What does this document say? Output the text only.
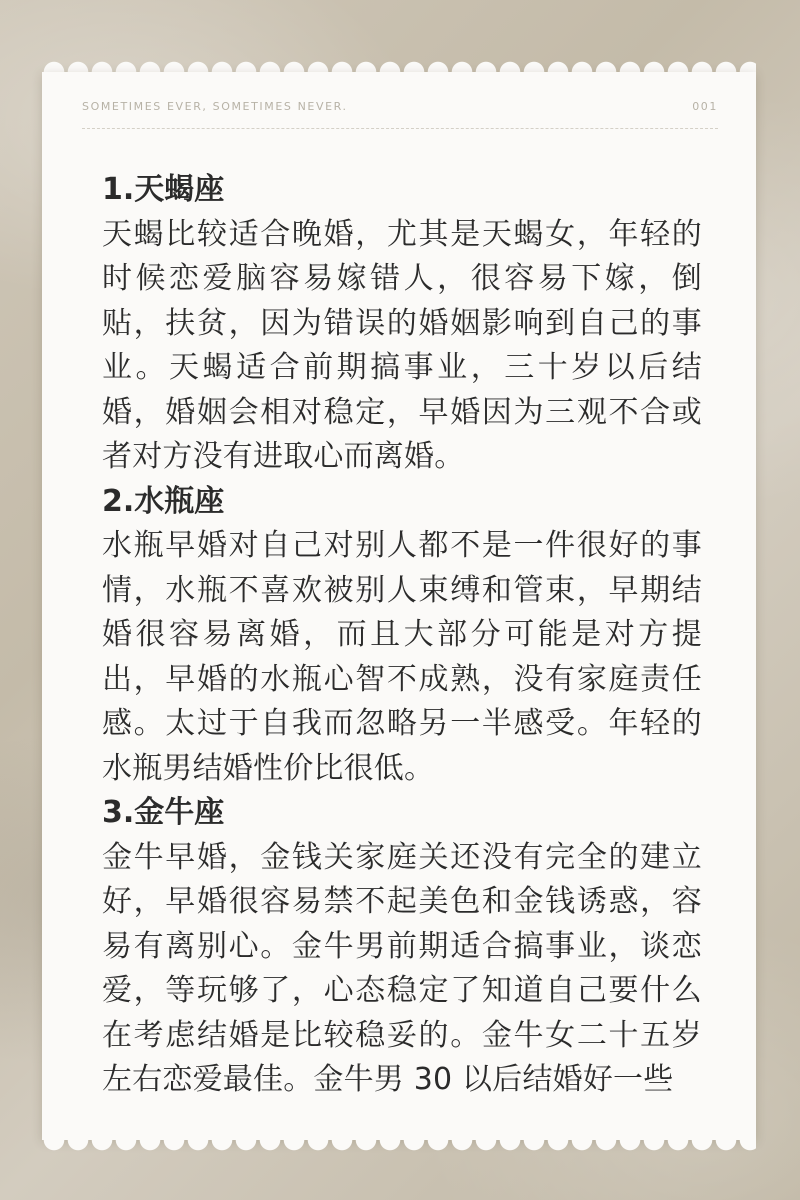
SOMETIMES EVER, SOMETIMES NEVER.	001

1.天蝎座

天蝎比较适合晚婚，尤其是天蝎女，年轻的时候恋爱脑容易嫁错人，很容易下嫁，倒贴，扶贫，因为错误的婚姻影响到自己的事业。天蝎适合前期搞事业，三十岁以后结婚，婚姻会相对稳定，早婚因为三观不合或者对方没有进取心而离婚。

2.水瓶座

水瓶早婚对自己对别人都不是一件很好的事情，水瓶不喜欢被别人束缚和管束，早期结婚很容易离婚，而且大部分可能是对方提出，早婚的水瓶心智不成熟，没有家庭责任感。太过于自我而忽略另一半感受。年轻的水瓶男结婚性价比很低。

3.金牛座

金牛早婚，金钱关家庭关还没有完全的建立好，早婚很容易禁不起美色和金钱诱惑，容易有离别心。金牛男前期适合搞事业，谈恋爱，等玩够了，心态稳定了知道自己要什么在考虑结婚是比较稳妥的。金牛女二十五岁左右恋爱最佳。金牛男 30 以后结婚好一些
